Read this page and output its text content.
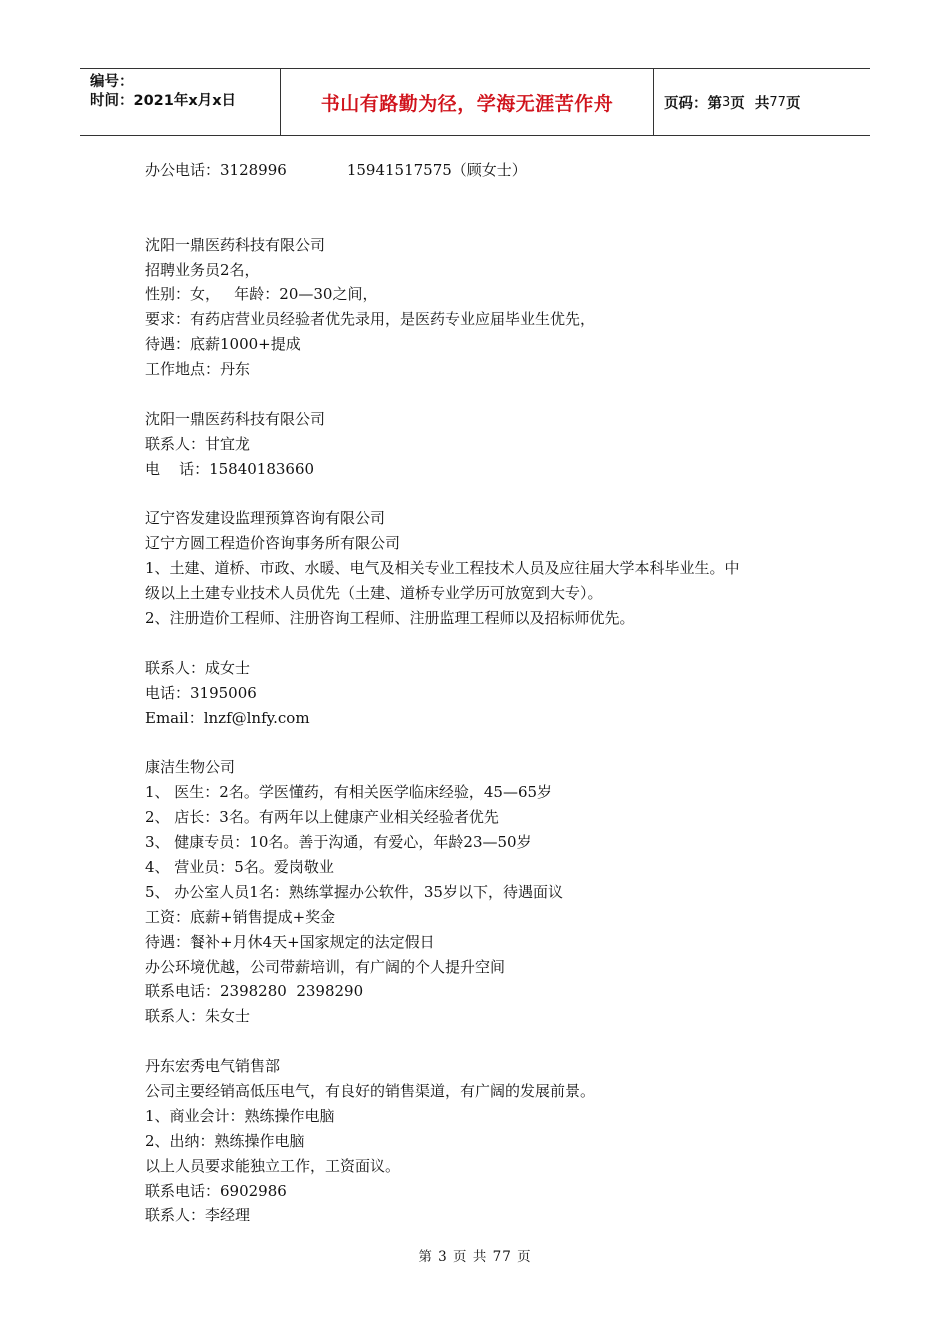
编号：
时间：2021年x月x日	书山有路勤为径，学海无涯苦作舟	页码：第 3 页  共 77 页
办公电话：3128996	15941517575（顾女士）
沈阳一鼎医药科技有限公司
招聘业务员2名，
性别：女，   年龄：20—30之间，
要求：有药店营业员经验者优先录用，是医药专业应届毕业生优先，
待遇：底薪1000+提成
工作地点：丹东
沈阳一鼎医药科技有限公司
联系人：甘宜龙
电    话：15840183660
辽宁咨发建设监理预算咨询有限公司
辽宁方圆工程造价咨询事务所有限公司
1、土建、道桥、市政、水暖、电气及相关专业工程技术人员及应往届大学本科毕业生。中
级以上土建专业技术人员优先（土建、道桥专业学历可放宽到大专）。
2、注册造价工程师、注册咨询工程师、注册监理工程师以及招标师优先。
联系人：成女士
电话：3195006
Email：lnzf@lnfy.com
康洁生物公司
1、 医生：2名。学医懂药，有相关医学临床经验，45—65岁
2、 店长：3名。有两年以上健康产业相关经验者优先
3、 健康专员：10名。善于沟通，有爱心，年龄23—50岁
4、 营业员：5名。爱岗敬业
5、 办公室人员1名：熟练掌握办公软件，35岁以下，待遇面议
工资：底薪+销售提成+奖金
待遇：餐补+月休4天+国家规定的法定假日
办公环境优越，公司带薪培训，有广阔的个人提升空间
联系电话：2398280  2398290
联系人：朱女士
丹东宏秀电气销售部
公司主要经销高低压电气，有良好的销售渠道，有广阔的发展前景。
1、商业会计：熟练操作电脑
2、出纳：熟练操作电脑
以上人员要求能独立工作，工资面议。
联系电话：6902986
联系人：李经理
第 3 页 共 77 页
